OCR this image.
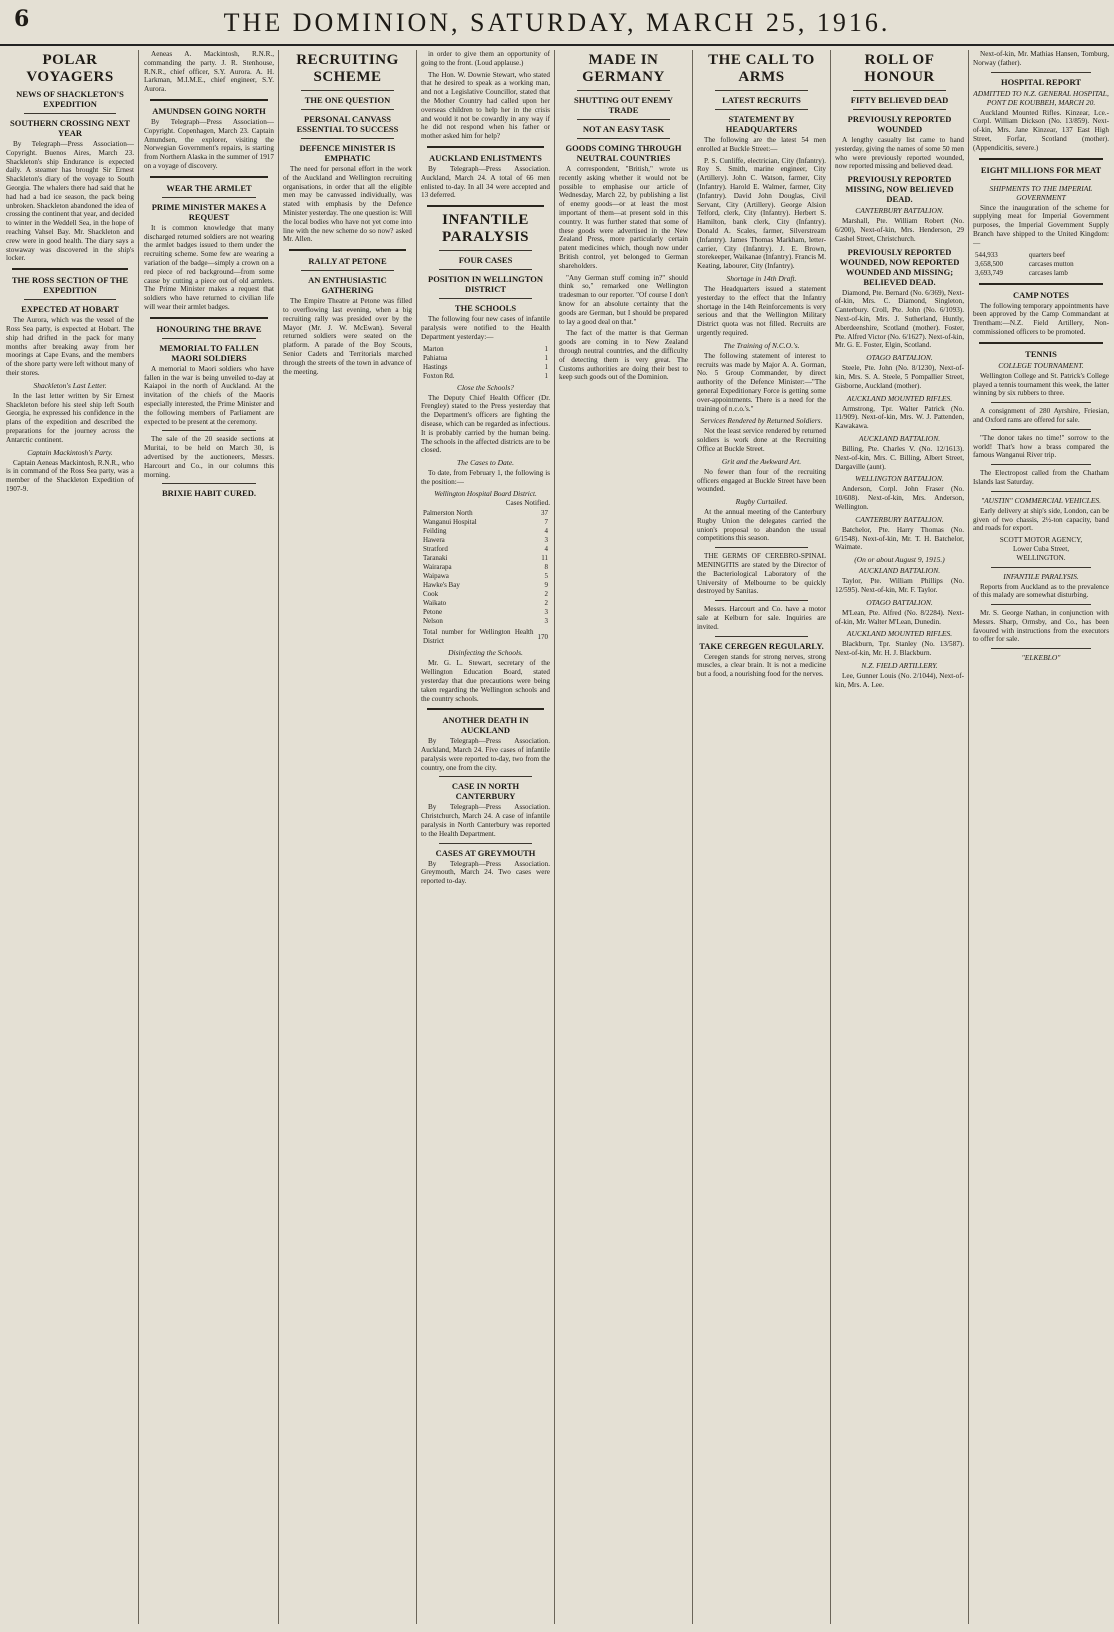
6	THE DOMINION, SATURDAY, MARCH 25, 1916.
POLAR VOYAGERS
NEWS OF SHACKLETON'S EXPEDITION
SOUTHERN CROSSING NEXT YEAR

By Telegraph—Press Association—Copyright. Buenos Aires, March 23. Shackleton's ship Endurance is expected daily. A steamer has brought Sir Ernest Shackleton's diary of the voyage to South Georgia. The whalers there had said that he had had a bad ice season, the pack being unbroken. Shackleton abandoned the idea of crossing the continent that year, and decided to winter in the Weddell Sea, in the hope of reaching Vahsel Bay. Mr. Shackleton and crew were in good health. The diary says a stowaway was discovered in the ship's locker.

THE ROSS SECTION OF THE EXPEDITION
EXPECTED AT HOBART

The Aurora, which was the vessel of the Ross Sea party, is expected at Hobart. The ship had drifted in the pack for many months after breaking away from her moorings at Cape Evans, and the members of the shore party were left without many of their stores.

Shackleton's Last Letter.

In the last letter written by Sir Ernest Shackleton before his steel ship left South Georgia, he expressed his confidence in the plans of the expedition and described the preparations for the journey across the Antarctic continent.

Captain Mackintosh's Party.

Captain Aeneas Mackintosh, R.N.R., who is in command of the Ross Sea party, was a member of the Shackleton Expedition of 1907-9.

Aeneas A. Mackintosh, R.N.R., commanding the party. J. R. Stenhouse, R.N.R., chief officer, S.Y. Aurora. A. H. Larkman, M.I.M.E., chief engineer, S.Y. Aurora.

AMUNDSEN GOING NORTH

By Telegraph—Press Association—Copyright. Copenhagen, March 23. Captain Amundsen, the explorer, visiting the Norwegian Government's repairs, is starting from Northern Alaska in the summer of 1917 on a voyage of discovery.

WEAR THE ARMLET
PRIME MINISTER MAKES A REQUEST

It is common knowledge that many discharged returned soldiers are not wearing the armlet badges issued to them under the recruiting scheme. Some few are wearing a variation of the badge—simply a crown on a red piece of red background—from some cause by cutting a piece out of old armlets. The Prime Minister makes a request that soldiers who have returned to civilian life will wear their armlet badges.

HONOURING THE BRAVE
MEMORIAL TO FALLEN MAORI SOLDIERS

A memorial to Maori soldiers who have fallen in the war is being unveiled to-day at Kaiapoi in the north of Auckland. At the invitation of the chiefs of the Maoris especially interested, the Prime Minister and the following members of Parliament are expected to be present at the ceremony.

The sale of the 20 seaside sections at Muritai, to be held on March 30, is advertised by the auctioneers, Messrs. Harcourt and Co., in our columns this morning.

BRIXIE HABIT CURED.
RECRUITING SCHEME
THE ONE QUESTION
PERSONAL CANVASS ESSENTIAL TO SUCCESS
DEFENCE MINISTER IS EMPHATIC

The need for personal effort in the work of the Auckland and Wellington recruiting organisations, in order that all the eligible men may be canvassed individually, was stated with emphasis by the Defence Minister yesterday. The one question is: Will the local bodies who have not yet come into line with the new scheme do so now? asked Mr. Allen.

RALLY AT PETONE
AN ENTHUSIASTIC GATHERING

The Empire Theatre at Petone was filled to overflowing last evening, when a big recruiting rally was presided over by the Mayor (Mr. J. W. McEwan). Several returned soldiers were seated on the platform. A parade of the Boy Scouts, Senior Cadets and Territorials marched through the streets of the town in advance of the meeting.

in order to give them an opportunity of going to the front. (Loud applause.)

The Hon. W. Downie Stewart, who stated that he desired to speak as a working man, and not a Legislative Councillor, stated that the Mother Country had called upon her overseas children to help her in the crisis and would it not be cowardly in any way if he did not respond when his father or mother asked him for help?

AUCKLAND ENLISTMENTS

By Telegraph—Press Association. Auckland, March 24. A total of 66 men enlisted to-day. In all 34 were accepted and 13 deferred.

INFANTILE PARALYSIS
FOUR CASES
POSITION IN WELLINGTON DISTRICT
THE SCHOOLS

The following four new cases of infantile paralysis were notified to the Health Department yesterday:—

Marton	1
Pahiatua	1
Hastings	1
Foxton Rd.	1
Close the Schools?

The Deputy Chief Health Officer (Dr. Frengley) stated to the Press yesterday that the Department's officers are fighting the disease, which can be regarded as infectious. It is probably carried by the human being. The schools in the affected districts are to be closed.

The Cases to Date.

To date, from February 1, the following is the position:—

Wellington Hospital Board District.
Cases Notified.
Palmerston North	37
Wanganui Hospital	7
Feilding	4
Hawera	3
Stratford	4
Taranaki	11
Wairarapa	8
Waipawa	5
Hawke's Bay	9
Cook	2
Waikato	2
Petone	3
Nelson	3
Total number for Wellington Health District	170
Disinfecting the Schools.

Mr. G. L. Stewart, secretary of the Wellington Education Board, stated yesterday that due precautions were being taken regarding the Wellington schools and the country schools.

ANOTHER DEATH IN AUCKLAND

By Telegraph—Press Association. Auckland, March 24. Five cases of infantile paralysis were reported to-day, two from the country, one from the city.

CASE IN NORTH CANTERBURY

By Telegraph—Press Association. Christchurch, March 24. A case of infantile paralysis in North Canterbury was reported to the Health Department.

CASES AT GREYMOUTH

By Telegraph—Press Association. Greymouth, March 24. Two cases were reported to-day.

MADE IN GERMANY
SHUTTING OUT ENEMY TRADE
NOT AN EASY TASK
GOODS COMING THROUGH NEUTRAL COUNTRIES

A correspondent, "British," wrote us recently asking whether it would not be possible to emphasise our article of Wednesday, March 22, by publishing a list of enemy goods—or at least the most important of them—at present sold in this country. It was further stated that some of these goods were advertised in the New Zealand Press, more particularly certain patent medicines which, though now under British control, yet belonged to German shareholders.

"Any German stuff coming in?" should think so," remarked one Wellington tradesman to our reporter. "Of course I don't know for an absolute certainty that the goods are German, but I should be prepared to lay a good deal on that."

The fact of the matter is that German goods are coming in to New Zealand through neutral countries, and the difficulty of detecting them is very great. The Customs authorities are doing their best to keep such goods out of the Dominion.

THE CALL TO ARMS
LATEST RECRUITS
STATEMENT BY HEADQUARTERS

The following are the latest 54 men enrolled at Buckle Street:—

P. S. Cunliffe, electrician, City (Infantry). Roy S. Smith, marine engineer, City (Artillery). John C. Watson, farmer, City (Infantry). Harold E. Walmer, farmer, City (Infantry). David John Douglas, Civil Servant, City (Artillery). George Alsion Telford, clerk, City (Infantry). Herbert S. Hamilton, bank clerk, City (Infantry). Donald A. Scales, farmer, Silverstream (Infantry). James Thomas Markham, letter-carrier, City (Infantry). J. E. Brown, storekeeper, Waikanae (Infantry). Francis M. Keating, labourer, City (Infantry).

Shortage in 14th Draft.

The Headquarters issued a statement yesterday to the effect that the Infantry shortage in the 14th Reinforcements is very serious and that the Wellington Military District quota was not filled. Recruits are urgently required.

The Training of N.C.O.'s.

The following statement of interest to recruits was made by Major A. A. Gorman, No. 5 Group Commander, by direct authority of the Defence Minister:—"The general Expeditionary Force is getting some over-appointments. There is a need for the training of n.c.o.'s."

Services Rendered by Returned Soldiers.

Not the least service rendered by returned soldiers is work done at the Recruiting Office at Buckle Street.

Grit and the Awkward Art.

No fewer than four of the recruiting officers engaged at Buckle Street have been wounded.

Rugby Curtailed.

At the annual meeting of the Canterbury Rugby Union the delegates carried the union's proposal to abandon the usual competitions this season.

THE GERMS OF CEREBRO-SPINAL MENINGITIS are stated by the Director of the Bacteriological Laboratory of the University of Melbourne to be quickly destroyed by Sanitas.

Messrs. Harcourt and Co. have a motor sale at Kelburn for sale. Inquiries are invited.

TAKE CEREGEN REGULARLY.

Ceregen stands for strong nerves, strong muscles, a clear brain. It is not a medicine but a food, a nourishing food for the nerves.

ROLL OF HONOUR
FIFTY BELIEVED DEAD
PREVIOUSLY REPORTED WOUNDED

A lengthy casualty list came to hand yesterday, giving the names of some 50 men who were previously reported wounded, now reported missing and believed dead.

PREVIOUSLY REPORTED MISSING, NOW BELIEVED DEAD.
CANTERBURY BATTALION.

Marshall, Pte. William Robert (No. 6/200), Next-of-kin, Mrs. Henderson, 29 Cashel Street, Christchurch.

PREVIOUSLY REPORTED WOUNDED, NOW REPORTED WOUNDED AND MISSING; BELIEVED DEAD.

Diamond, Pte. Bernard (No. 6/369), Next-of-kin, Mrs. C. Diamond, Singleton, Canterbury. Croll, Pte. John (No. 6/1093). Next-of-kin, Mrs. J. Sutherland, Huntly, Aberdeenshire, Scotland (mother). Foster, Pte. Alfred Victor (No. 6/1627). Next-of-kin, Mr. G. E. Foster, Elgin, Scotland.

OTAGO BATTALION.

Steele, Pte. John (No. 8/1230), Next-of-kin, Mrs. S. A. Steele, 5 Pompallier Street, Gisborne, Auckland (mother).

AUCKLAND MOUNTED RIFLES.

Armstrong, Tpr. Walter Patrick (No. 11/909). Next-of-kin, Mrs. W. J. Pattenden, Kawakawa.

AUCKLAND BATTALION.

Billing, Pte. Charles V. (No. 12/1613). Next-of-kin, Mrs. C. Billing, Albert Street, Dargaville (aunt).

WELLINGTON BATTALION.

Anderson, Corpl. John Fraser (No. 10/608). Next-of-kin, Mrs. Anderson, Wellington.

CANTERBURY BATTALION.

Batchelor, Pte. Harry Thomas (No. 6/1548). Next-of-kin, Mr. T. H. Batchelor, Waimate.

(On or about August 9, 1915.)
AUCKLAND BATTALION.

Taylor, Pte. William Phillips (No. 12/595). Next-of-kin, Mr. F. Taylor.

OTAGO BATTALION.

M'Lean, Pte. Alfred (No. 8/2284). Next-of-kin, Mr. Walter M'Lean, Dunedin.

AUCKLAND MOUNTED RIFLES.

Blackburn, Tpr. Stanley (No. 13/587). Next-of-kin, Mr. H. J. Blackburn.

N.Z. FIELD ARTILLERY.

Lee, Gunner Louis (No. 2/1044), Next-of-kin, Mrs. A. Lee.

Next-of-kin, Mr. Mathias Hansen, Tomburg, Norway (father).

HOSPITAL REPORT
ADMITTED TO N.Z. GENERAL HOSPITAL, PONT DE KOUBBEH, MARCH 20.

Auckland Mounted Rifles. Kinzear, Lce.-Corpl. William Dickson (No. 13/859). Next-of-kin, Mrs. Jane Kinzear, 137 East High Street, Forfar, Scotland (mother). (Appendicitis, severe.)

EIGHT MILLIONS FOR MEAT
SHIPMENTS TO THE IMPERIAL GOVERNMENT

Since the inauguration of the scheme for supplying meat for Imperial Government purposes, the Imperial Government Supply Branch have shipped to the United Kingdom:—

544,933	quarters beef
3,658,500	carcases mutton
3,693,749	carcases lamb
CAMP NOTES

The following temporary appointments have been approved by the Camp Commandant at Trentham:—N.Z. Field Artillery, Non-commissioned officers to be promoted.

TENNIS
COLLEGE TOURNAMENT.

Wellington College and St. Patrick's College played a tennis tournament this week, the latter winning by six rubbers to three.

A consignment of 280 Ayrshire, Friesian, and Oxford rams are offered for sale.

"The donor takes no time!" sorrow to the world! That's how a brass compared the famous Wanganui River trip.

The Electropost called from the Chatham Islands last Saturday.

"AUSTIN" COMMERCIAL VEHICLES.

Early delivery at ship's side, London, can be given of two chassis, 2½-ton capacity, band and roads for export.

SCOTT MOTOR AGENCY,
Lower Cuba Street,
WELLINGTON.
INFANTILE PARALYSIS.

Reports from Auckland as to the prevalence of this malady are somewhat disturbing.

Mr. S. George Nathan, in conjunction with Messrs. Sharp, Ormsby, and Co., has been favoured with instructions from the executors to offer for sale.

"ELKEBLO"
